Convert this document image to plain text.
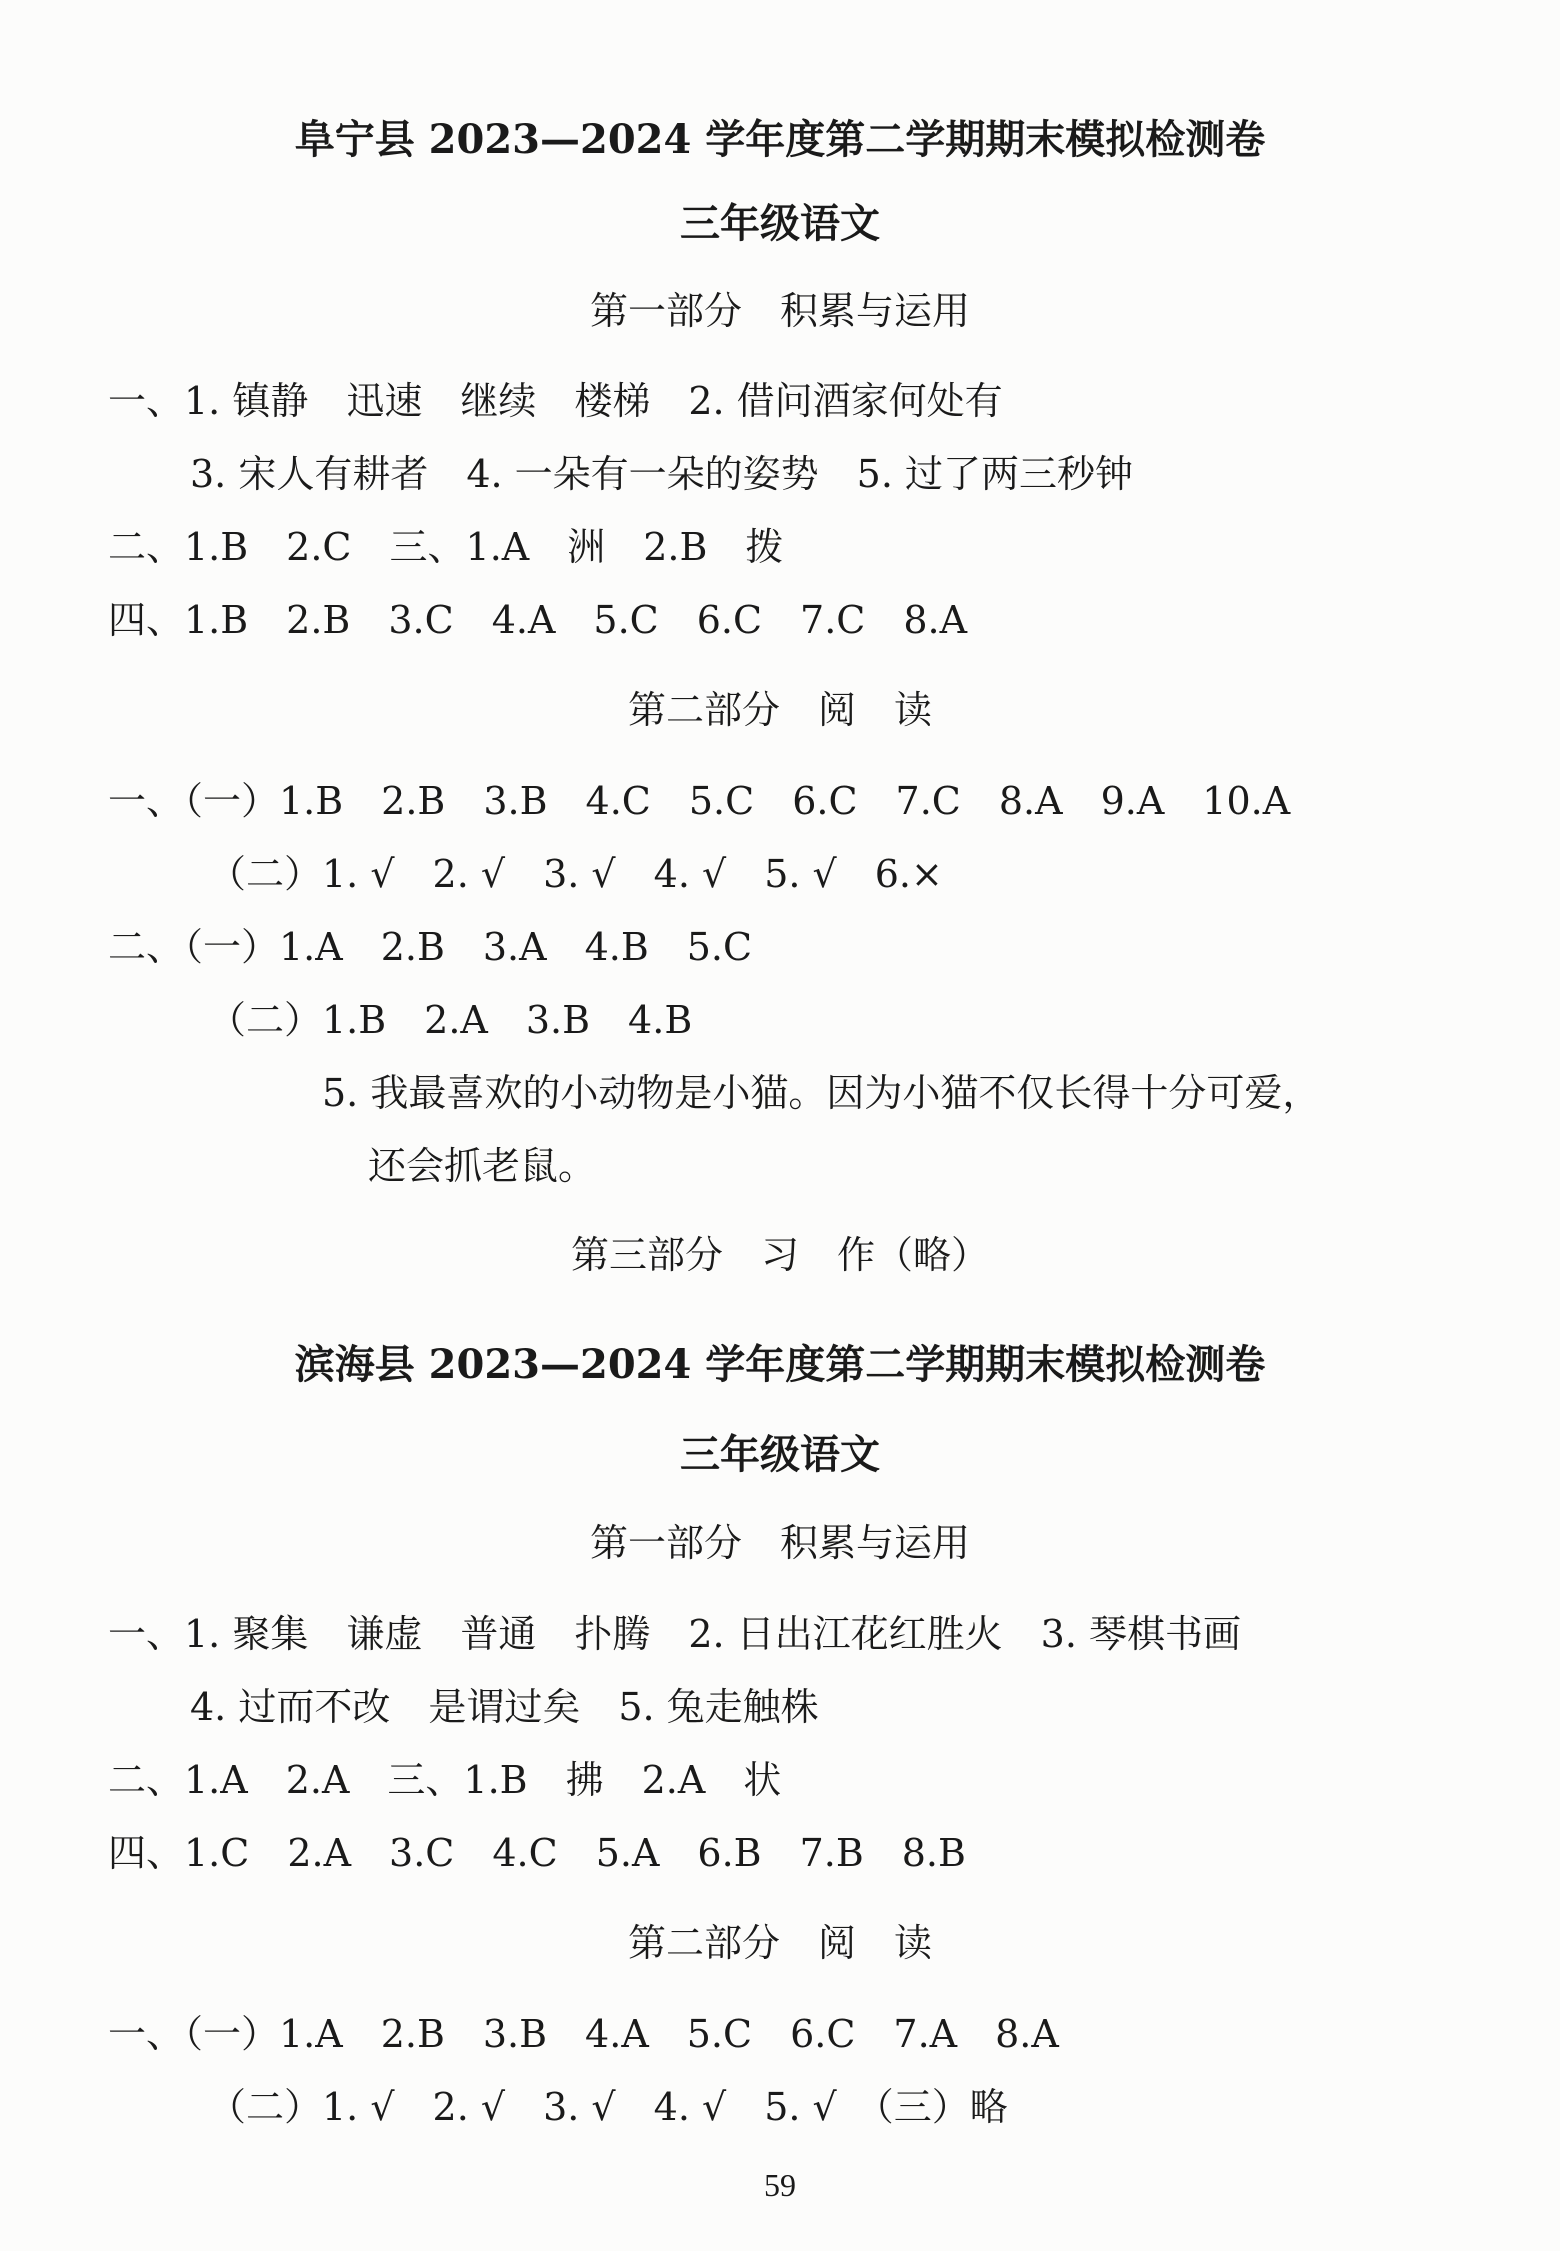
阜宁县 2023—2024 学年度第二学期期末模拟检测卷
三年级语文
第一部分　积累与运用
一、1. 镇静　迅速　继续　楼梯　2. 借问酒家何处有
3. 宋人有耕者　4. 一朵有一朵的姿势　5. 过了两三秒钟
二、1.B　2.C　三、1.A　洲　2.B　拨
四、1.B　2.B　3.C　4.A　5.C　6.C　7.C　8.A
第二部分　阅　读
一、（一）1.B　2.B　3.B　4.C　5.C　6.C　7.C　8.A　9.A　10.A
（二）1. √　2. √　3. √　4. √　5. √　6.×
二、（一）1.A　2.B　3.A　4.B　5.C
（二）1.B　2.A　3.B　4.B
5. 我最喜欢的小动物是小猫。因为小猫不仅长得十分可爱，
还会抓老鼠。
第三部分　习　作（略）
滨海县 2023—2024 学年度第二学期期末模拟检测卷
三年级语文
第一部分　积累与运用
一、1. 聚集　谦虚　普通　扑腾　2. 日出江花红胜火　3. 琴棋书画
4. 过而不改　是谓过矣　5. 兔走触株
二、1.A　2.A　三、1.B　拂　2.A　状
四、1.C　2.A　3.C　4.C　5.A　6.B　7.B　8.B
第二部分　阅　读
一、（一）1.A　2.B　3.B　4.A　5.C　6.C　7.A　8.A
（二）1. √　2. √　3. √　4. √　5. √　（三）略
59
